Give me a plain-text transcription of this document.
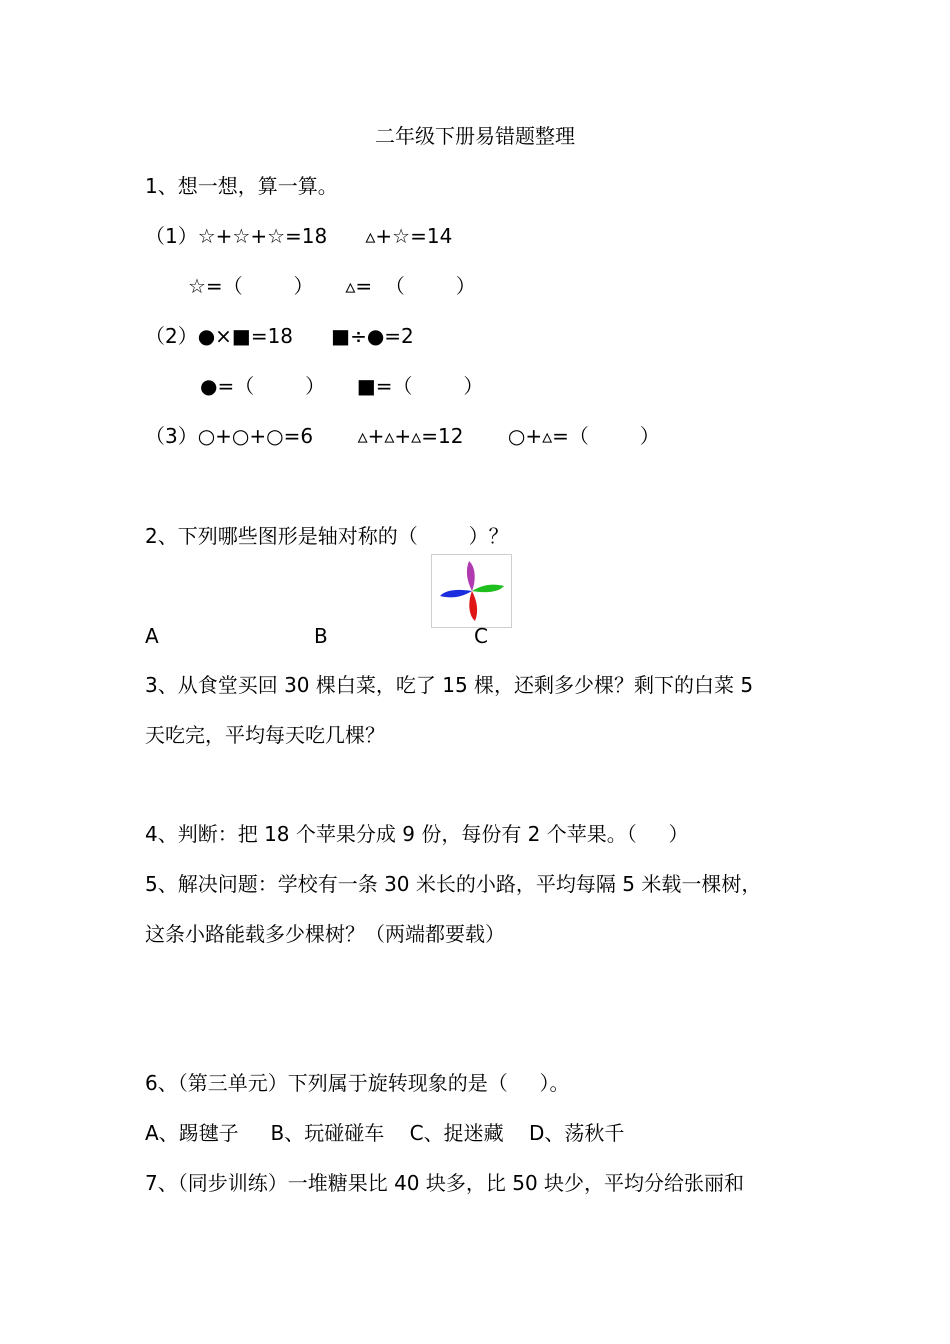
二年级下册易错题整理
1、想一想，算一算。
（1）☆+☆+☆=18      ▵+☆=14
☆=（        ）     ▵=  （        ）
（2）●×■=18      ■÷●=2
●=（        ）     ■=（        ）
（3）○+○+○=6       ▵+▵+▵=12       ○+▵=（        ）
2、下列哪些图形是轴对称的（        ）？
A	B	C
3、从食堂买回 30 棵白菜，吃了 15 棵，还剩多少棵？剩下的白菜 5
天吃完，平均每天吃几棵？
4、判断：把 18 个苹果分成 9 份，每份有 2 个苹果。（     ）
5、解决问题：学校有一条 30 米长的小路，平均每隔 5 米载一棵树，
这条小路能载多少棵树？（两端都要载）
6、（第三单元）下列属于旋转现象的是（     ）。
A、踢毽子     B、玩碰碰车    C、捉迷藏    D、荡秋千
7、（同步训练）一堆糖果比 40 块多，比 50 块少，平均分给张丽和
